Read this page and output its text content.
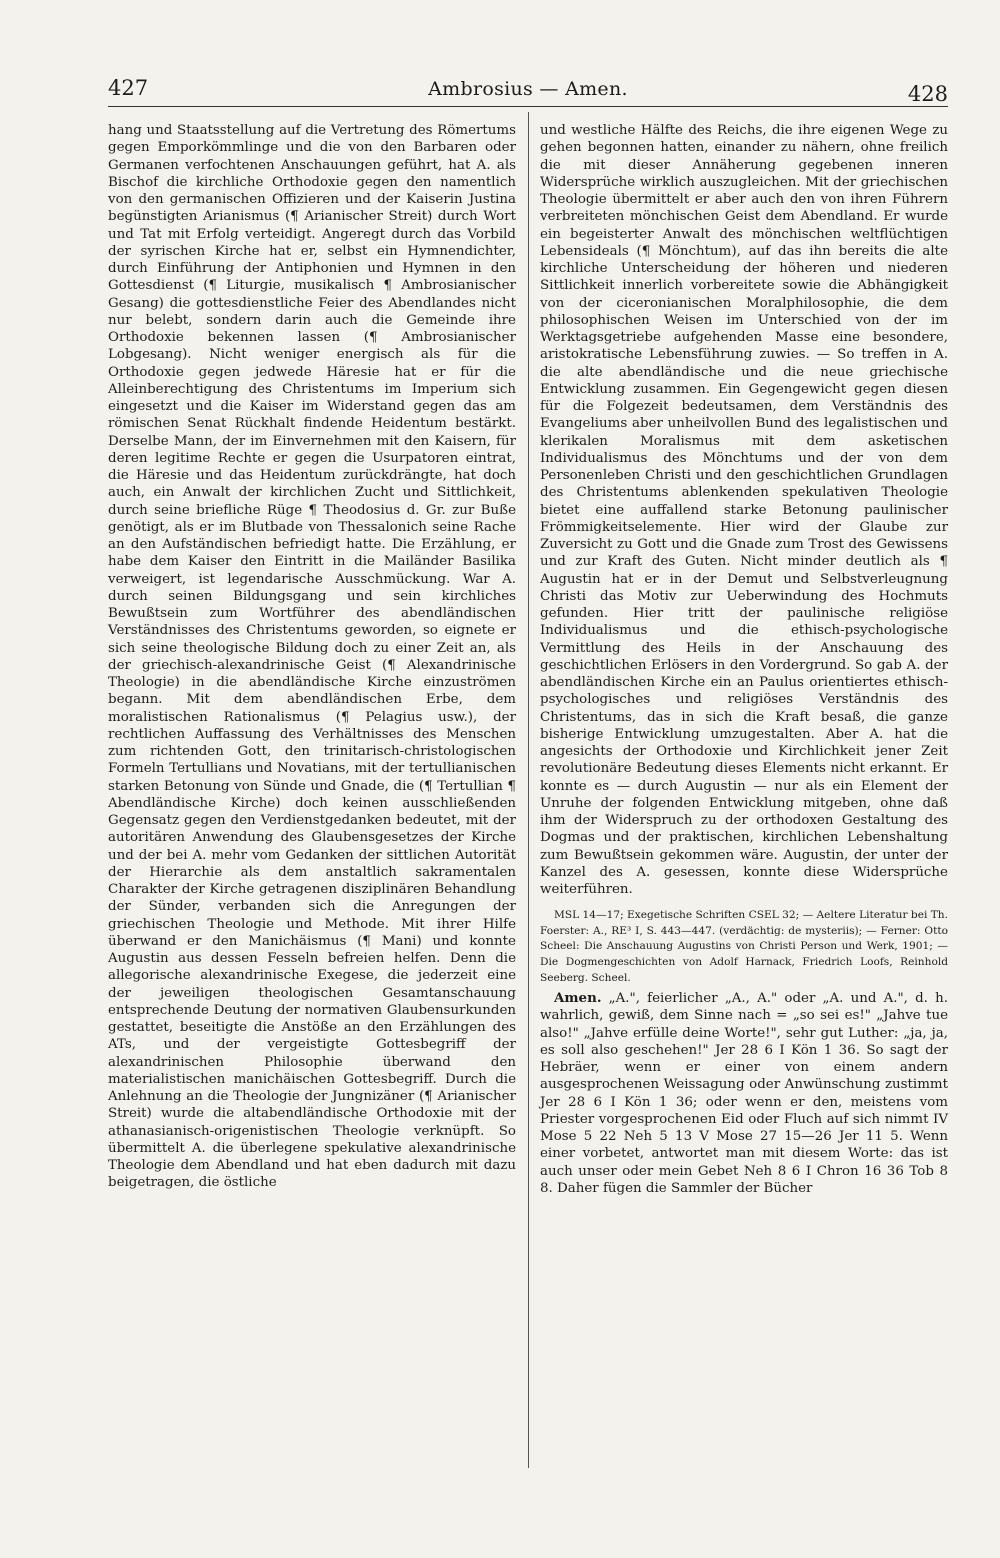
427	Ambrosius — Amen.	428

hang und Staatsstellung auf die Vertretung des Römertums gegen Emporkömmlinge und die von den Barbaren oder Germanen verfochtenen Anschauungen geführt, hat A. als Bischof die kirchliche Orthodoxie gegen den namentlich von den germanischen Offizieren und der Kaiserin Justina begünstigten Arianismus (¶ Arianischer Streit) durch Wort und Tat mit Erfolg verteidigt. Angeregt durch das Vorbild der syrischen Kirche hat er, selbst ein Hymnendichter, durch Einführung der Antiphonien und Hymnen in den Gottesdienst (¶ Liturgie, musikalisch ¶ Ambrosianischer Gesang) die gottesdienstliche Feier des Abendlandes nicht nur belebt, sondern darin auch die Gemeinde ihre Orthodoxie bekennen lassen (¶ Ambrosianischer Lobgesang). Nicht weniger energisch als für die Orthodoxie gegen jedwede Häresie hat er für die Alleinberechtigung des Christentums im Imperium sich eingesetzt und die Kaiser im Widerstand gegen das am römischen Senat Rückhalt findende Heidentum bestärkt. Derselbe Mann, der im Einvernehmen mit den Kaisern, für deren legitime Rechte er gegen die Usurpatoren eintrat, die Häresie und das Heidentum zurückdrängte, hat doch auch, ein Anwalt der kirchlichen Zucht und Sittlichkeit, durch seine briefliche Rüge ¶ Theodosius d. Gr. zur Buße genötigt, als er im Blutbade von Thessalonich seine Rache an den Aufständischen befriedigt hatte. Die Erzählung, er habe dem Kaiser den Eintritt in die Mailänder Basilika verweigert, ist legendarische Ausschmückung. War A. durch seinen Bildungsgang und sein kirchliches Bewußtsein zum Wortführer des abendländischen Verständnisses des Christentums geworden, so eignete er sich seine theologische Bildung doch zu einer Zeit an, als der griechisch-alexandrinische Geist (¶ Alexandrinische Theologie) in die abendländische Kirche einzuströmen begann. Mit dem abendländischen Erbe, dem moralistischen Rationalismus (¶ Pelagius usw.), der rechtlichen Auffassung des Verhältnisses des Menschen zum richtenden Gott, den trinitarisch-christologischen Formeln Tertullians und Novatians, mit der tertullianischen starken Betonung von Sünde und Gnade, die (¶ Tertullian ¶ Abendländische Kirche) doch keinen ausschließenden Gegensatz gegen den Verdienstgedanken bedeutet, mit der autoritären Anwendung des Glaubensgesetzes der Kirche und der bei A. mehr vom Gedanken der sittlichen Autorität der Hierarchie als dem anstaltlich sakramentalen Charakter der Kirche getragenen disziplinären Behandlung der Sünder, verbanden sich die Anregungen der griechischen Theologie und Methode. Mit ihrer Hilfe überwand er den Manichäismus (¶ Mani) und konnte Augustin aus dessen Fesseln befreien helfen. Denn die allegorische alexandrinische Exegese, die jederzeit eine der jeweiligen theologischen Gesamtanschauung entsprechende Deutung der normativen Glaubensurkunden gestattet, beseitigte die Anstöße an den Erzählungen des ATs, und der vergeistigte Gottesbegriff der alexandrinischen Philosophie überwand den materialistischen manichäischen Gottesbegriff. Durch die Anlehnung an die Theologie der Jungnizäner (¶ Arianischer Streit) wurde die altabendländische Orthodoxie mit der athanasianisch-origenistischen Theologie verknüpft. So übermittelt A. die überlegene spekulative alexandrinische Theologie dem Abendland und hat eben dadurch mit dazu beigetragen, die östliche

und westliche Hälfte des Reichs, die ihre eigenen Wege zu gehen begonnen hatten, einander zu nähern, ohne freilich die mit dieser Annäherung gegebenen inneren Widersprüche wirklich auszugleichen. Mit der griechischen Theologie übermittelt er aber auch den von ihren Führern verbreiteten mönchischen Geist dem Abendland. Er wurde ein begeisterter Anwalt des mönchischen weltflüchtigen Lebensideals (¶ Mönchtum), auf das ihn bereits die alte kirchliche Unterscheidung der höheren und niederen Sittlichkeit innerlich vorbereitete sowie die Abhängigkeit von der ciceronianischen Moralphilosophie, die dem philosophischen Weisen im Unterschied von der im Werktagsgetriebe aufgehenden Masse eine besondere, aristokratische Lebensführung zuwies. — So treffen in A. die alte abendländische und die neue griechische Entwicklung zusammen. Ein Gegengewicht gegen diesen für die Folgezeit bedeutsamen, dem Verständnis des Evangeliums aber unheilvollen Bund des legalistischen und klerikalen Moralismus mit dem asketischen Individualismus des Mönchtums und der von dem Personenleben Christi und den geschichtlichen Grundlagen des Christentums ablenkenden spekulativen Theologie bietet eine auffallend starke Betonung paulinischer Frömmigkeitselemente. Hier wird der Glaube zur Zuversicht zu Gott und die Gnade zum Trost des Gewissens und zur Kraft des Guten. Nicht minder deutlich als ¶ Augustin hat er in der Demut und Selbstverleugnung Christi das Motiv zur Ueberwindung des Hochmuts gefunden. Hier tritt der paulinische religiöse Individualismus und die ethisch-psychologische Vermittlung des Heils in der Anschauung des geschichtlichen Erlösers in den Vordergrund. So gab A. der abendländischen Kirche ein an Paulus orientiertes ethisch-psychologisches und religiöses Verständnis des Christentums, das in sich die Kraft besaß, die ganze bisherige Entwicklung umzugestalten. Aber A. hat die angesichts der Orthodoxie und Kirchlichkeit jener Zeit revolutionäre Bedeutung dieses Elements nicht erkannt. Er konnte es — durch Augustin — nur als ein Element der Unruhe der folgenden Entwicklung mitgeben, ohne daß ihm der Widerspruch zu der orthodoxen Gestaltung des Dogmas und der praktischen, kirchlichen Lebenshaltung zum Bewußtsein gekommen wäre. Augustin, der unter der Kanzel des A. gesessen, konnte diese Widersprüche weiterführen.

MSL 14—17; Exegetische Schriften CSEL 32; — Aeltere Literatur bei Th. Foerster: A., RE³ I, S. 443—447. (verdächtig: de mysteriis); — Ferner: Otto Scheel: Die Anschauung Augustins von Christi Person und Werk, 1901; — Die Dogmengeschichten von Adolf Harnack, Friedrich Loofs, Reinhold Seeberg. Scheel.

Amen. „A.", feierlicher „A., A." oder „A. und A.", d. h. wahrlich, gewiß, dem Sinne nach = „so sei es!" „Jahve tue also!" „Jahve erfülle deine Worte!", sehr gut Luther: „ja, ja, es soll also geschehen!" Jer 28 6 I Kön 1 36. So sagt der Hebräer, wenn er einer von einem andern ausgesprochenen Weissagung oder Anwünschung zustimmt Jer 28 6 I Kön 1 36; oder wenn er den, meistens vom Priester vorgesprochenen Eid oder Fluch auf sich nimmt IV Mose 5 22 Neh 5 13 V Mose 27 15—26 Jer 11 5. Wenn einer vorbetet, antwortet man mit diesem Worte: das ist auch unser oder mein Gebet Neh 8 6 I Chron 16 36 Tob 8 8. Daher fügen die Sammler der Bücher
